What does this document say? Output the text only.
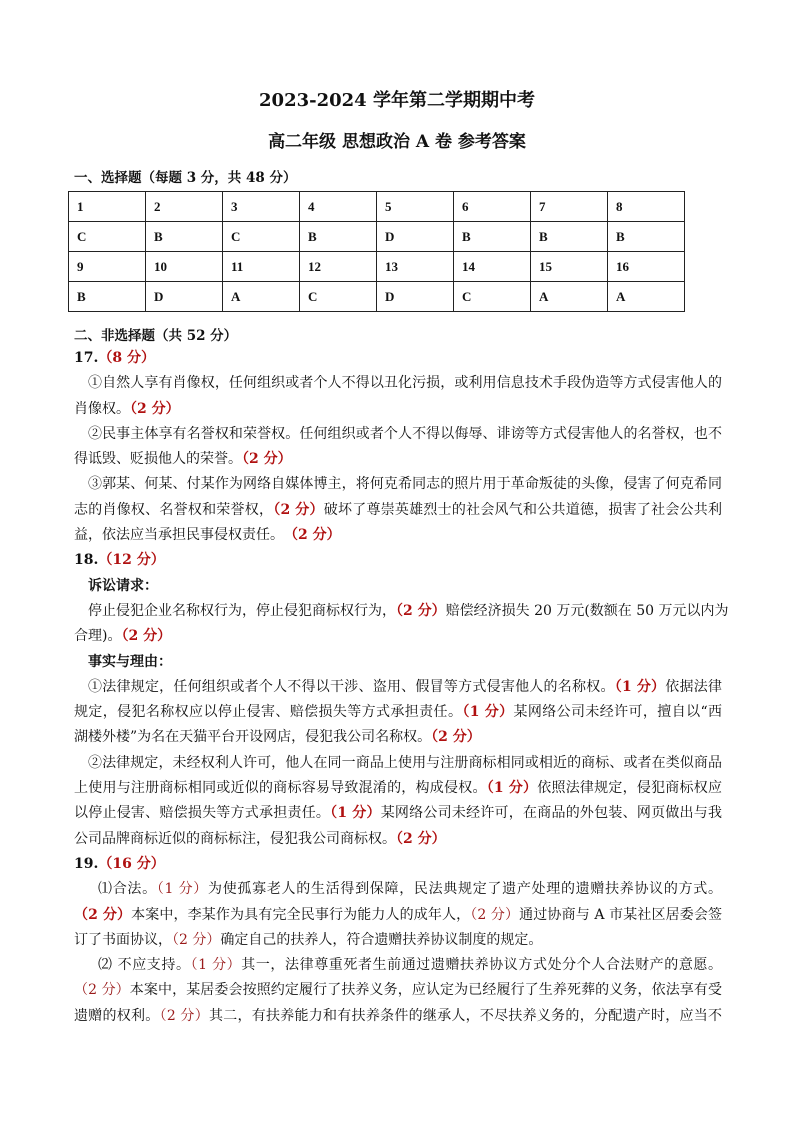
2023-2024 学年第二学期期中考
高二年级 思想政治 A 卷 参考答案
一、选择题（每题 3 分，共 48 分）
1	2	3	4	5	6	7	8
C	B	C	B	D	B	B	B
9	10	11	12	13	14	15	16
B	D	A	C	D	C	A	A
二、非选择题（共 52 分）
17.（8 分）
①自然人享有肖像权，任何组织或者个人不得以丑化污损，或利用信息技术手段伪造等方式侵害他人的
肖像权。（2 分）
②民事主体享有名誉权和荣誉权。任何组织或者个人不得以侮辱、诽谤等方式侵害他人的名誉权，也不
得诋毁、贬损他人的荣誉。（2 分）
③郭某、何某、付某作为网络自媒体博主，将何克希同志的照片用于革命叛徒的头像，侵害了何克希同
志的肖像权、名誉权和荣誉权，（2 分）破坏了尊崇英雄烈士的社会风气和公共道德，损害了社会公共利
益，依法应当承担民事侵权责任。　（2 分）
18.（12 分）
诉讼请求：
停止侵犯企业名称权行为，停止侵犯商标权行为，（2 分）赔偿经济损失 20 万元(数额在 50 万元以内为
合理)。（2 分）
事实与理由：
①法律规定，任何组织或者个人不得以干涉、盗用、假冒等方式侵害他人的名称权。（1 分）依据法律
规定，侵犯名称权应以停止侵害、赔偿损失等方式承担责任。（1 分）某网络公司未经许可，擅自以“西
湖楼外楼”为名在天猫平台开设网店，侵犯我公司名称权。（2 分）
②法律规定，未经权利人许可，他人在同一商品上使用与注册商标相同或相近的商标、或者在类似商品
上使用与注册商标相同或近似的商标容易导致混淆的，构成侵权。（1 分）依照法律规定，侵犯商标权应
以停止侵害、赔偿损失等方式承担责任。（1 分）某网络公司未经许可，在商品的外包装、网页做出与我
公司品牌商标近似的商标标注，侵犯我公司商标权。（2 分）
19.（16 分）
⑴合法。（1 分）为使孤寡老人的生活得到保障，民法典规定了遗产处理的遗赠扶养协议的方式。
（2 分）本案中，李某作为具有完全民事行为能力人的成年人，（2 分）通过协商与 A 市某社区居委会签
订了书面协议，（2 分）确定自己的扶养人，符合遗赠扶养协议制度的规定。
⑵ 不应支持。（1 分）其一，法律尊重死者生前通过遗赠扶养协议方式处分个人合法财产的意愿。
（2 分）本案中，某居委会按照约定履行了扶养义务，应认定为已经履行了生养死葬的义务，依法享有受
遗赠的权利。（2 分）其二，有扶养能力和有扶养条件的继承人，不尽扶养义务的，分配遗产时，应当不
